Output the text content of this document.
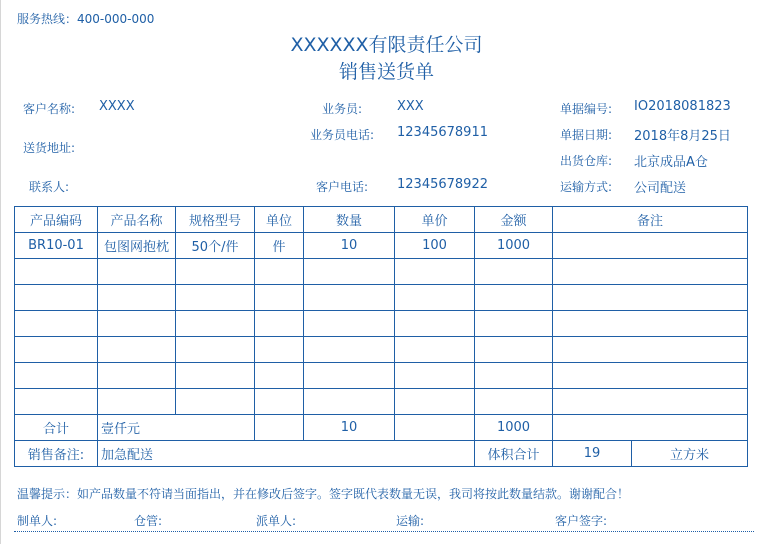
服务热线：400-000-000
XXXXXX有限责任公司
销售送货单
客户名称: XXXX
送货地址:
联系人:
业务员:	XXX
业务员电话: 12345678911
客户电话: 12345678922
单据编号: IO2018081823
单据日期: 2018年8月25日
出货仓库: 北京成品A仓
运输方式: 公司配送
产品编码	产品名称	规格型号	单位	数量	单价	金额	备注
BR10-01	包图网抱枕	50个/件	件	10	100	1000	

合计	壹仟元			10		1000	
销售备注:	加急配送					体积合计	19 立方米
温馨提示：如产品数量不符请当面指出，并在修改后签字。签字既代表数量无误，我司将按此数量结款。谢谢配合！
制单人:	仓管:	派单人:	运输:	客户签字:
